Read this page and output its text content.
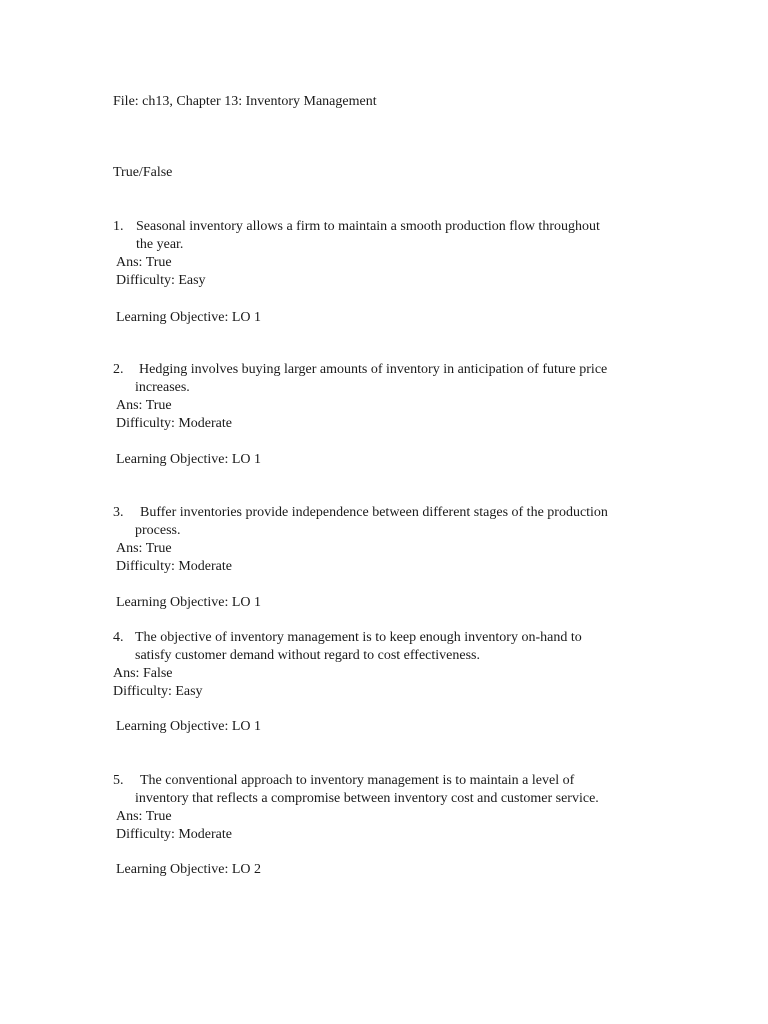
File: ch13, Chapter 13: Inventory Management
True/False
1. Seasonal inventory allows a firm to maintain a smooth production flow throughout
the year.
Ans: True
Difficulty: Easy
Learning Objective: LO 1
2. Hedging involves buying larger amounts of inventory in anticipation of future price
increases.
Ans: True
Difficulty: Moderate
Learning Objective: LO 1
3. Buffer inventories provide independence between different stages of the production
process.
Ans: True
Difficulty: Moderate
Learning Objective: LO 1
4. The objective of inventory management is to keep enough inventory on-hand to
satisfy customer demand without regard to cost effectiveness.
Ans: False
Difficulty: Easy
Learning Objective: LO 1
5. The conventional approach to inventory management is to maintain a level of
inventory that reflects a compromise between inventory cost and customer service.
Ans: True
Difficulty: Moderate
Learning Objective: LO 2
